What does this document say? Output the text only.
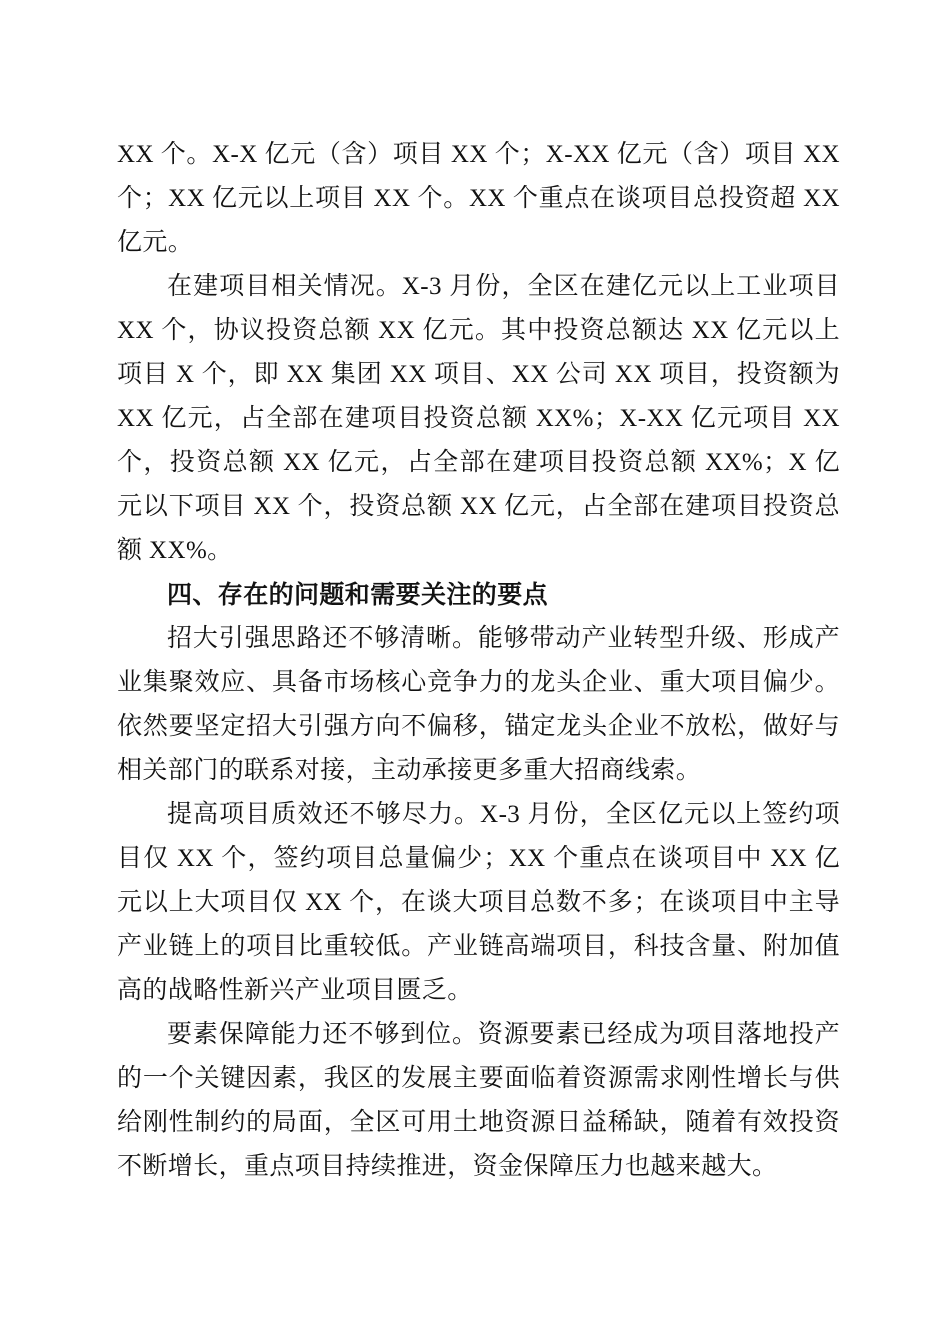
XX 个。X-X 亿元（含）项目 XX 个；X-XX 亿元（含）项目 XX 个；XX 亿元以上项目 XX 个。XX 个重点在谈项目总投资超 XX 亿元。

在建项目相关情况。X-3 月份，全区在建亿元以上工业项目 XX 个，协议投资总额 XX 亿元。其中投资总额达 XX 亿元以上项目 X 个，即 XX 集团 XX 项目、XX 公司 XX 项目，投资额为 XX 亿元，占全部在建项目投资总额 XX%；X-XX 亿元项目 XX 个，投资总额 XX 亿元，占全部在建项目投资总额 XX%；X 亿元以下项目 XX 个，投资总额 XX 亿元，占全部在建项目投资总额 XX%。

四、存在的问题和需要关注的要点

招大引强思路还不够清晰。能够带动产业转型升级、形成产业集聚效应、具备市场核心竞争力的龙头企业、重大项目偏少。依然要坚定招大引强方向不偏移，锚定龙头企业不放松，做好与相关部门的联系对接，主动承接更多重大招商线索。

提高项目质效还不够尽力。X-3 月份，全区亿元以上签约项目仅 XX 个，签约项目总量偏少；XX 个重点在谈项目中 XX 亿元以上大项目仅 XX 个，在谈大项目总数不多；在谈项目中主导产业链上的项目比重较低。产业链高端项目，科技含量、附加值高的战略性新兴产业项目匮乏。

要素保障能力还不够到位。资源要素已经成为项目落地投产的一个关键因素，我区的发展主要面临着资源需求刚性增长与供给刚性制约的局面，全区可用土地资源日益稀缺，随着有效投资不断增长，重点项目持续推进，资金保障压力也越来越大。
